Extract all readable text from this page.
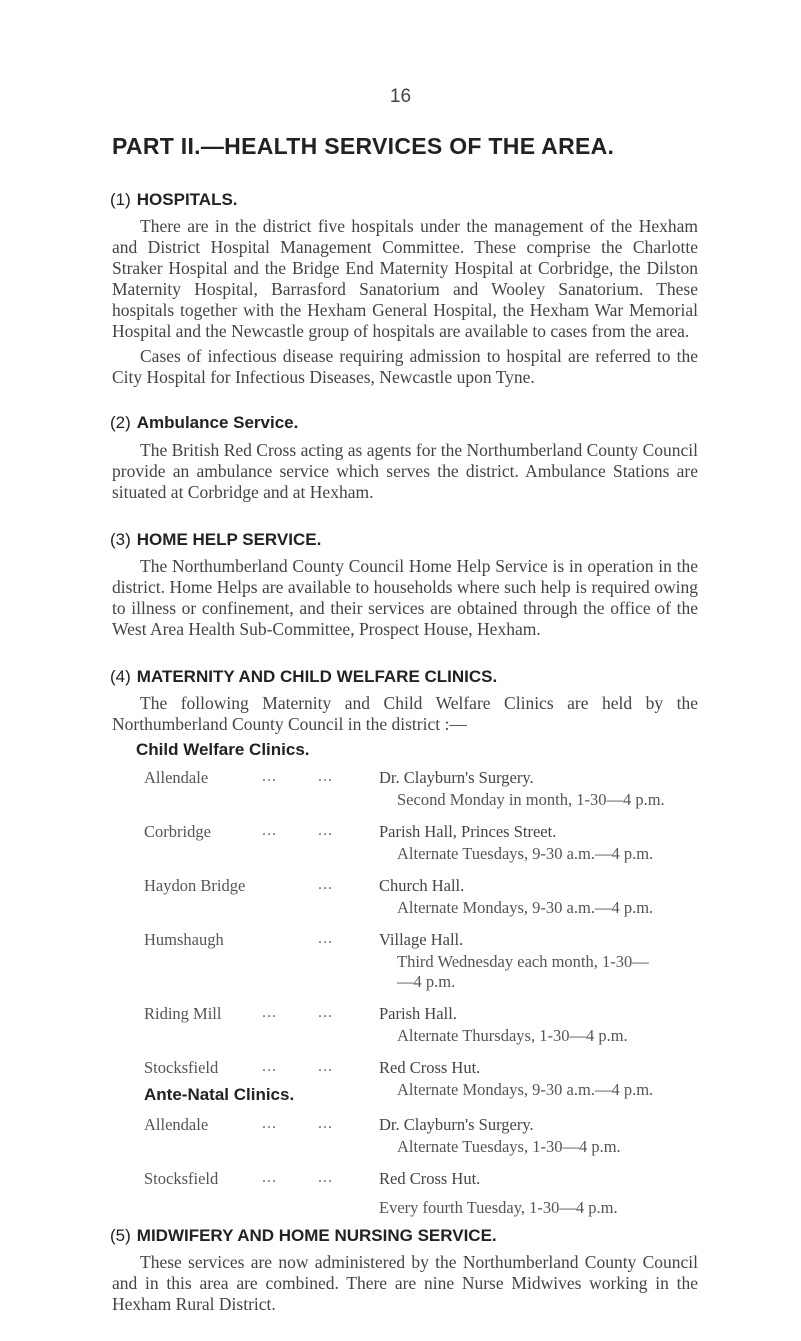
16
PART II.—HEALTH SERVICES OF THE AREA.
(1) HOSPITALS.
There are in the district five hospitals under the management of the Hexham and District Hospital Management Committee. These comprise the Charlotte Straker Hospital and the Bridge End Maternity Hospital at Corbridge, the Dilston Maternity Hospital, Barrasford Sanatorium and Wooley Sanatorium. These hospitals together with the Hexham General Hospital, the Hexham War Memorial Hospital and the Newcastle group of hospitals are available to cases from the area.
Cases of infectious disease requiring admission to hospital are referred to the City Hospital for Infectious Diseases, Newcastle upon Tyne.
(2) Ambulance Service.
The British Red Cross acting as agents for the Northumberland County Council provide an ambulance service which serves the district. Ambulance Stations are situated at Corbridge and at Hexham.
(3) HOME HELP SERVICE.
The Northumberland County Council Home Help Service is in operation in the district. Home Helps are available to households where such help is required owing to illness or confinement, and their services are obtained through the office of the West Area Health Sub-Committee, Prospect House, Hexham.
(4) MATERNITY AND CHILD WELFARE CLINICS.
The following Maternity and Child Welfare Clinics are held by the Northumberland County Council in the district :—
Child Welfare Clinics.
Allendale	...	...	Dr. Clayburn's Surgery.
Second Monday in month, 1-30—4 p.m.
Corbridge	...	...	Parish Hall, Princes Street.
Alternate Tuesdays, 9-30 a.m.—4 p.m.
Haydon Bridge	...	Church Hall.
Alternate Mondays, 9-30 a.m.—4 p.m.
Humshaugh	...	Village Hall.
Third Wednesday each month, 1-30—
—4 p.m.
Riding Mill	...	...	Parish Hall.
Alternate Thursdays, 1-30—4 p.m.
Stocksfield	...	...	Red Cross Hut.
Alternate Mondays, 9-30 a.m.—4 p.m.
Ante-Natal Clinics.
Allendale	...	...	Dr. Clayburn's Surgery.
Alternate Tuesdays, 1-30—4 p.m.
Stocksfield	...	...	Red Cross Hut.
Every fourth Tuesday, 1-30—4 p.m.
(5) MIDWIFERY AND HOME NURSING SERVICE.
These services are now administered by the Northumberland County Council and in this area are combined. There are nine Nurse Midwives working in the Hexham Rural District.
